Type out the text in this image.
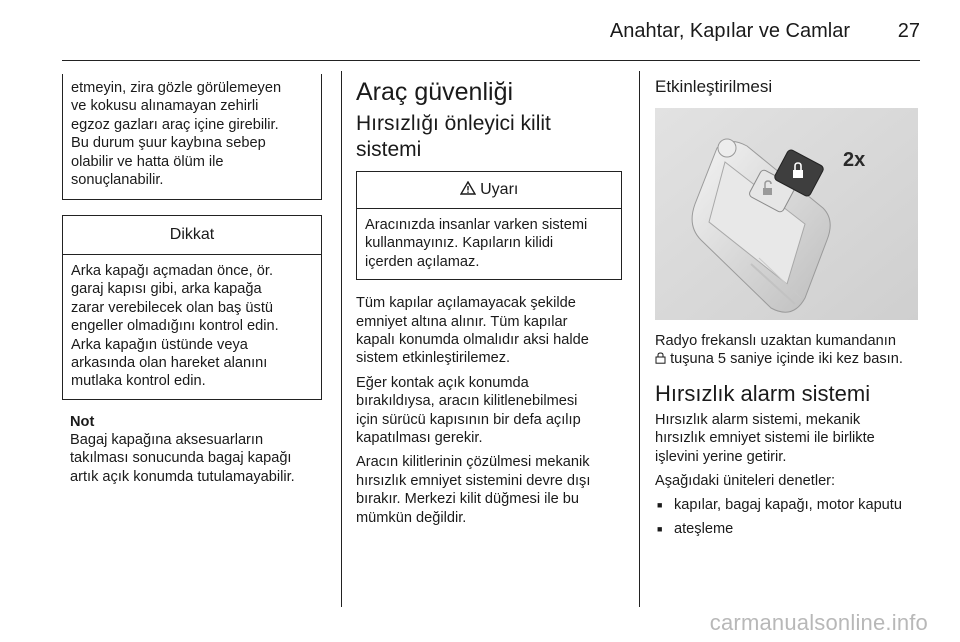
Anahtar, Kapılar ve Camlar 27
etmeyin, zira gözle görülemeyen
ve kokusu alınamayan zehirli
egzoz gazları araç içine girebilir.
Bu durum şuur kaybına sebep
olabilir ve hatta ölüm ile
sonuçlanabilir.
Dikkat
Arka kapağı açmadan önce, ör.
garaj kapısı gibi, arka kapağa
zarar verebilecek olan baş üstü
engeller olmadığını kontrol edin.
Arka kapağın üstünde veya
arkasında olan hareket alanını
mutlaka kontrol edin.
Not
Bagaj kapağına aksesuarların
takılması sonucunda bagaj kapağı
artık açık konumda tutulamayabilir.
Araç güvenliği
Hırsızlığı önleyici kilit
sistemi
Uyarı
Aracınızda insanlar varken sistemi
kullanmayınız. Kapıların kilidi
içerden açılamaz.
Tüm kapılar açılamayacak şekilde
emniyet altına alınır. Tüm kapılar
kapalı konumda olmalıdır aksi halde
sistem etkinleştirilemez.
Eğer kontak açık konumda
bırakıldıysa, aracın kilitlenebilmesi
için sürücü kapısının bir defa açılıp
kapatılması gerekir.
Aracın kilitlerinin çözülmesi mekanik
hırsızlık emniyet sistemini devre dışı
bırakır. Merkezi kilit düğmesi ile bu
mümkün değildir.
Etkinleştirilmesi
2x
Radyo frekanslı uzaktan kumandanın
tuşuna 5 saniye içinde iki kez basın.
Hırsızlık alarm sistemi
Hırsızlık alarm sistemi, mekanik
hırsızlık emniyet sistemi ile birlikte
işlevini yerine getirir.
Aşağıdaki üniteleri denetler:
■ kapılar, bagaj kapağı, motor kaputu
■ ateşleme
carmanualsonline.info
